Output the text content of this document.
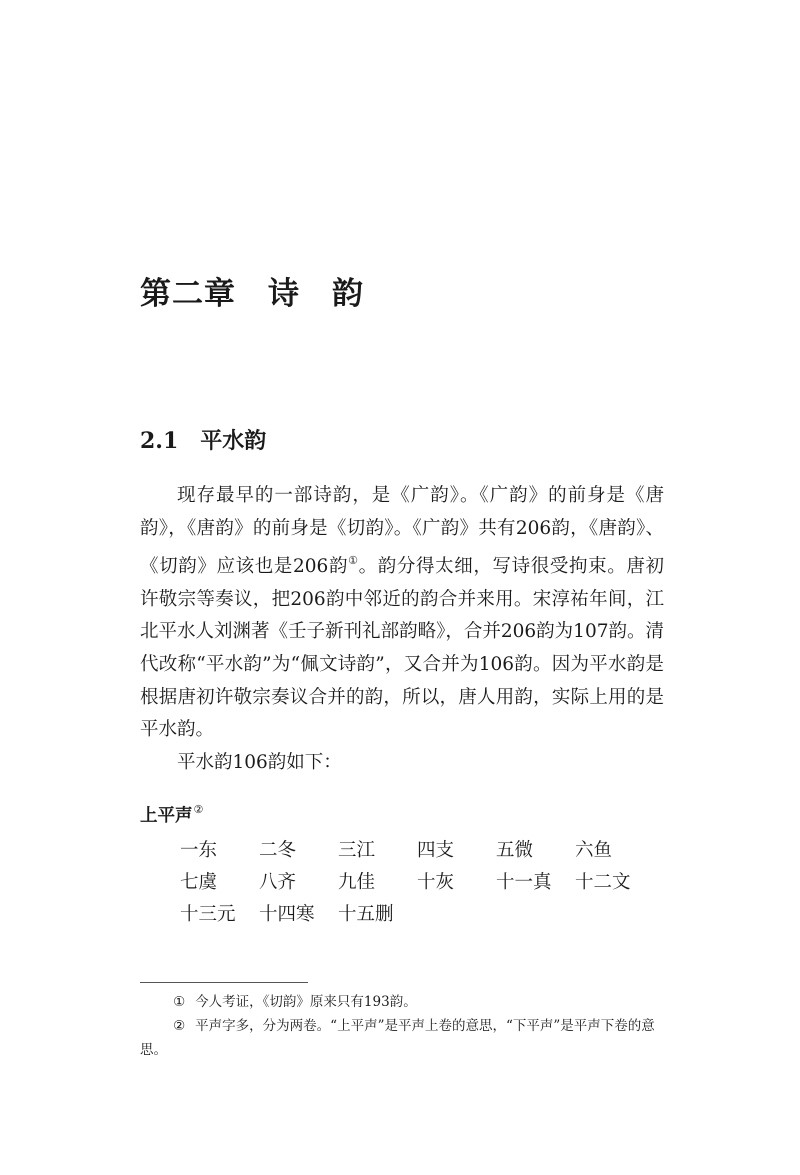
第二章　诗　韵
2.1　 平水韵

现存最早的一部诗韵，是《广韵》。《广韵》的前身是《唐韵》，《唐韵》的前身是《切韵》。《广韵》共有206韵，《唐韵》、《切韵》应该也是206韵①。韵分得太细，写诗很受拘束。唐初许敬宗等奏议，把206韵中邻近的韵合并来用。宋淳祐年间，江北平水人刘渊著《壬子新刊礼部韵略》，合并206韵为107韵。清代改称“平水韵”为“佩文诗韵”，又合并为106韵。因为平水韵是根据唐初许敬宗奏议合并的韵，所以，唐人用韵，实际上用的是平水韵。

平水韵106韵如下：

上平声②
一东	二冬	三江	四支	五微	六鱼
七虞	八齐	九佳	十灰	十一真	十二文
十三元	十四寒	十五删

① 今人考证，《切韵》原来只有193韵。

② 平声字多，分为两卷。“上平声”是平声上卷的意思，“下平声”是平声下卷的意思。
